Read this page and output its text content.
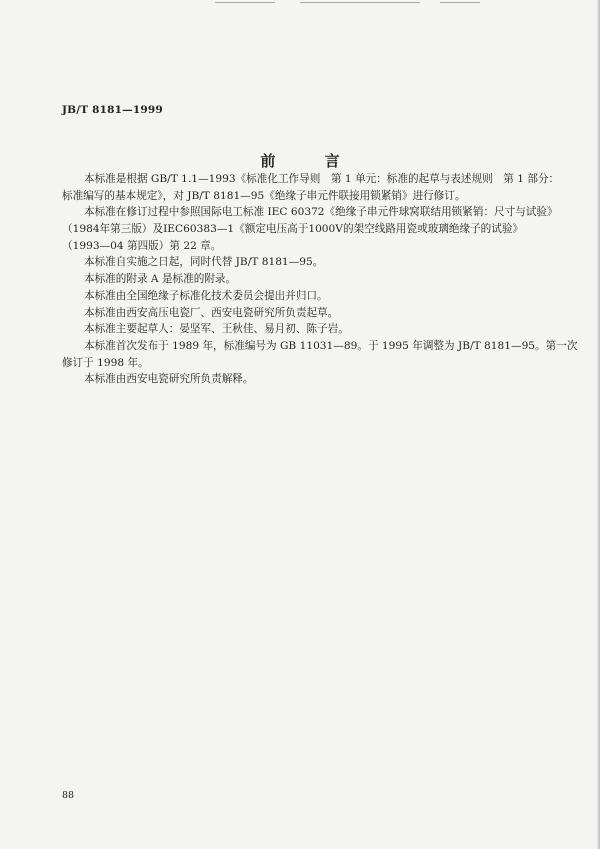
JB/T 8181—1999
前 言
本标准是根据 GB/T 1.1—1993《标准化工作导则　第 1 单元：标准的起草与表述规则　第 1 部分：
标准编写的基本规定》，对 JB/T 8181—95《绝缘子串元件联接用锁紧销》进行修订。
本标准在修订过程中参照国际电工标准 IEC 60372《绝缘子串元件球窝联结用锁紧销：尺寸与试验》
（1984年第三版）及IEC60383—1《额定电压高于1000V的架空线路用瓷或玻璃绝缘子的试验》
（1993—04 第四版）第 22 章。
本标准自实施之日起，同时代替 JB/T 8181—95。
本标准的附录 A 是标准的附录。
本标准由全国绝缘子标准化技术委员会提出并归口。
本标准由西安高压电瓷厂、西安电瓷研究所负责起草。
本标准主要起草人：晏坚军、王秋佳、易月初、陈子岩。
本标准首次发布于 1989 年，标准编号为 GB 11031—89。于 1995 年调整为 JB/T 8181—95。第一次
修订于 1998 年。
本标准由西安电瓷研究所负责解释。
88
